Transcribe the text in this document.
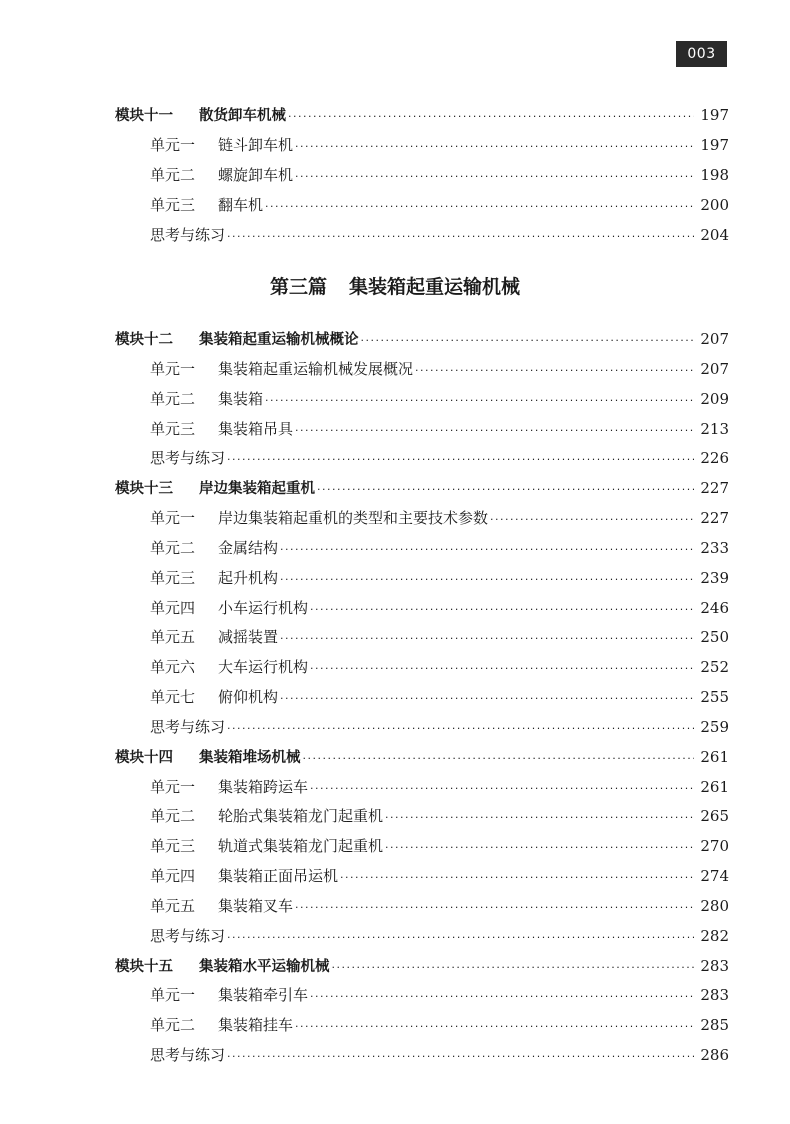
003
模块十一	散货卸车机械 ·····	197
单元一	链斗卸车机 ·····	197
单元二	螺旋卸车机 ·····	198
单元三	翻车机 ·····	200
思考与练习 ·····	204
第三篇 集装箱起重运输机械
模块十二	集装箱起重运输机械概论 ·····	207
单元一	集装箱起重运输机械发展概况 ·····	207
单元二	集装箱 ·····	209
单元三	集装箱吊具 ·····	213
思考与练习 ·····	226
模块十三	岸边集装箱起重机 ·····	227
单元一	岸边集装箱起重机的类型和主要技术参数 ·····	227
单元二	金属结构 ·····	233
单元三	起升机构 ·····	239
单元四	小车运行机构 ·····	246
单元五	减摇装置 ·····	250
单元六	大车运行机构 ·····	252
单元七	俯仰机构 ·····	255
思考与练习 ·····	259
模块十四	集装箱堆场机械 ·····	261
单元一	集装箱跨运车 ·····	261
单元二	轮胎式集装箱龙门起重机 ·····	265
单元三	轨道式集装箱龙门起重机 ·····	270
单元四	集装箱正面吊运机 ·····	274
单元五	集装箱叉车 ·····	280
思考与练习 ·····	282
模块十五	集装箱水平运输机械 ·····	283
单元一	集装箱牵引车 ·····	283
单元二	集装箱挂车 ·····	285
思考与练习 ·····	286
